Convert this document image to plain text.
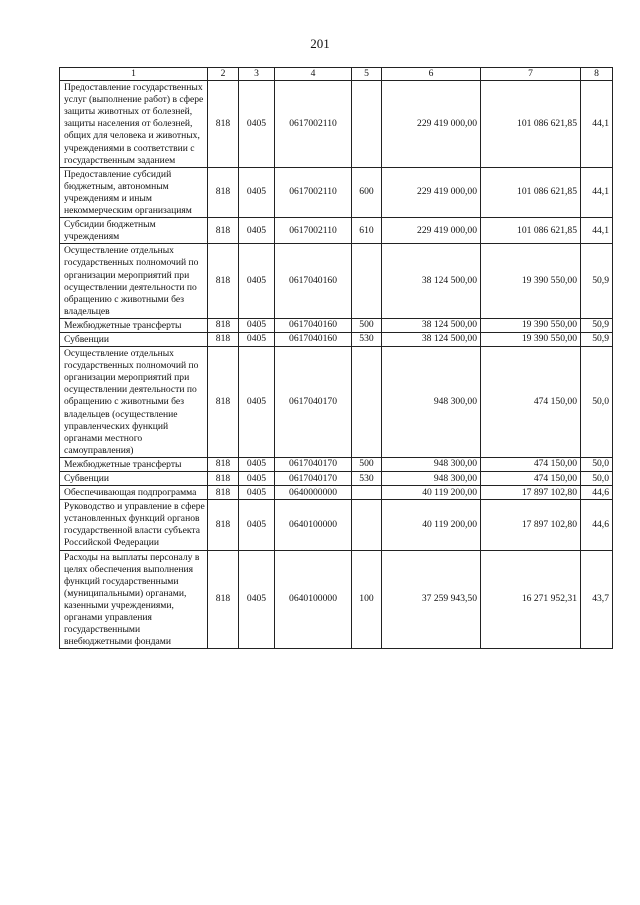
201
1	2	3	4	5	6	7	8
Предоставление государственных услуг (выполнение работ) в сфере защиты животных от болезней, защиты населения от болезней, общих для человека и животных, учреждениями в соответствии с государственным заданием	818	0405	0617002110		229 419 000,00	101 086 621,85	44,1
Предоставление субсидий бюджетным, автономным учреждениям и иным некоммерческим организациям	818	0405	0617002110	600	229 419 000,00	101 086 621,85	44,1
Субсидии бюджетным учреждениям	818	0405	0617002110	610	229 419 000,00	101 086 621,85	44,1
Осуществление отдельных государственных полномочий по организации мероприятий при осуществлении деятельности по обращению с животными без владельцев	818	0405	0617040160		38 124 500,00	19 390 550,00	50,9
Межбюджетные трансферты	818	0405	0617040160	500	38 124 500,00	19 390 550,00	50,9
Субвенции	818	0405	0617040160	530	38 124 500,00	19 390 550,00	50,9
Осуществление отдельных государственных полномочий по организации мероприятий при осуществлении деятельности по обращению с животными без владельцев (осуществление управленческих функций органами местного самоуправления)	818	0405	0617040170		948 300,00	474 150,00	50,0
Межбюджетные трансферты	818	0405	0617040170	500	948 300,00	474 150,00	50,0
Субвенции	818	0405	0617040170	530	948 300,00	474 150,00	50,0
Обеспечивающая подпрограмма	818	0405	0640000000		40 119 200,00	17 897 102,80	44,6
Руководство и управление в сфере установленных функций органов государственной власти субъекта Российской Федерации	818	0405	0640100000		40 119 200,00	17 897 102,80	44,6
Расходы на выплаты персоналу в целях обеспечения выполнения функций государственными (муниципальными) органами, казенными учреждениями, органами управления государственными внебюджетными фондами	818	0405	0640100000	100	37 259 943,50	16 271 952,31	43,7
